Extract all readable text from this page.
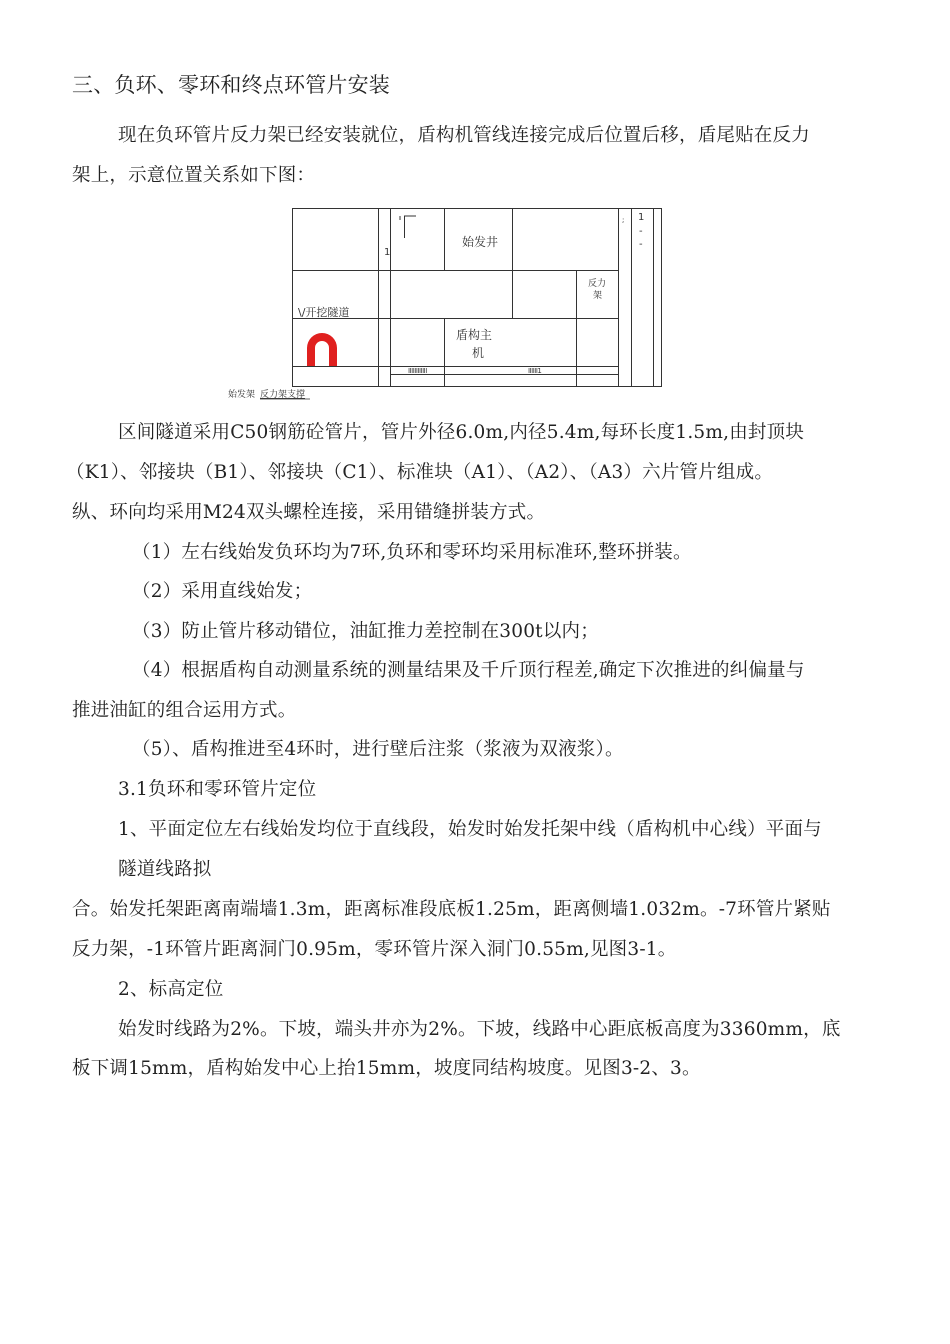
三、负环、零环和终点环管片安装
现在负环管片反力架已经安装就位，盾构机管线连接完成后位置后移，盾尾贴在反力
架上，示意位置关系如下图：
始发井
反力
架
\/开挖隧道
盾构主
机
1
1
-
-
;
IIIIIIIIIIII	IIIIII1
始发架 反力架支撑
区间隧道采用C50钢筋砼管片，管片外径6.0m,内径5.4m,每环长度1.5m,由封顶块
（K1）、邻接块（B1）、邻接块（C1）、标准块（A1）、（A2）、（A3）六片管片组成。
纵、环向均采用M24双头螺栓连接，采用错缝拼装方式。
（1）左右线始发负环均为7环,负环和零环均采用标准环,整环拼装。
（2）采用直线始发；
（3）防止管片移动错位，油缸推力差控制在300t以内；
（4）根据盾构自动测量系统的测量结果及千斤顶行程差,确定下次推进的纠偏量与
推进油缸的组合运用方式。
（5）、盾构推进至4环时，进行壁后注浆（浆液为双液浆）。
3.1负环和零环管片定位
1、平面定位左右线始发均位于直线段，始发时始发托架中线（盾构机中心线）平面与
隧道线路拟
合。始发托架距离南端墙1.3m，距离标准段底板1.25m，距离侧墙1.032m。-7环管片紧贴
反力架，-1环管片距离洞门0.95m，零环管片深入洞门0.55m,见图3-1。
2、标高定位
始发时线路为2%。下坡，端头井亦为2%。下坡，线路中心距底板高度为3360mm，底
板下调15mm，盾构始发中心上抬15mm，坡度同结构坡度。见图3-2、3。
